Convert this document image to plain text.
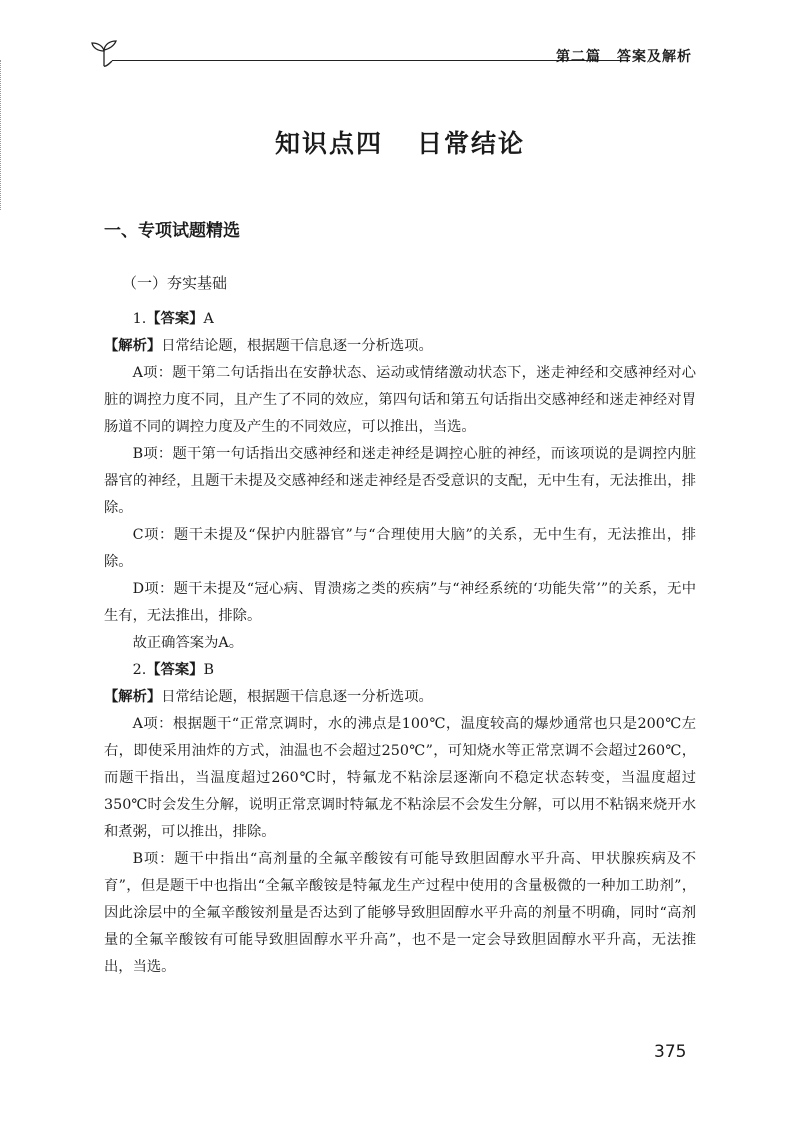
第二篇 答案及解析
知识点四 日常结论
一、专项试题精选
（一）夯实基础

1.【答案】A

【解析】日常结论题，根据题干信息逐一分析选项。

A项：题干第二句话指出在安静状态、运动或情绪激动状态下，迷走神经和交感神经对心脏的调控力度不同，且产生了不同的效应，第四句话和第五句话指出交感神经和迷走神经对胃肠道不同的调控力度及产生的不同效应，可以推出，当选。

B项：题干第一句话指出交感神经和迷走神经是调控心脏的神经，而该项说的是调控内脏器官的神经，且题干未提及交感神经和迷走神经是否受意识的支配，无中生有，无法推出，排除。

C项：题干未提及“保护内脏器官”与“合理使用大脑”的关系，无中生有，无法推出，排除。

D项：题干未提及“冠心病、胃溃疡之类的疾病”与“神经系统的‘功能失常’”的关系，无中生有，无法推出，排除。

故正确答案为A。

2.【答案】B

【解析】日常结论题，根据题干信息逐一分析选项。

A项：根据题干“正常烹调时，水的沸点是100℃，温度较高的爆炒通常也只是200℃左右，即使采用油炸的方式，油温也不会超过250℃”，可知烧水等正常烹调不会超过260℃，而题干指出，当温度超过260℃时，特氟龙不粘涂层逐渐向不稳定状态转变，当温度超过350℃时会发生分解，说明正常烹调时特氟龙不粘涂层不会发生分解，可以用不粘锅来烧开水和煮粥，可以推出，排除。

B项：题干中指出“高剂量的全氟辛酸铵有可能导致胆固醇水平升高、甲状腺疾病及不育”，但是题干中也指出“全氟辛酸铵是特氟龙生产过程中使用的含量极微的一种加工助剂”，因此涂层中的全氟辛酸铵剂量是否达到了能够导致胆固醇水平升高的剂量不明确，同时“高剂量的全氟辛酸铵有可能导致胆固醇水平升高”，也不是一定会导致胆固醇水平升高，无法推出，当选。

375
